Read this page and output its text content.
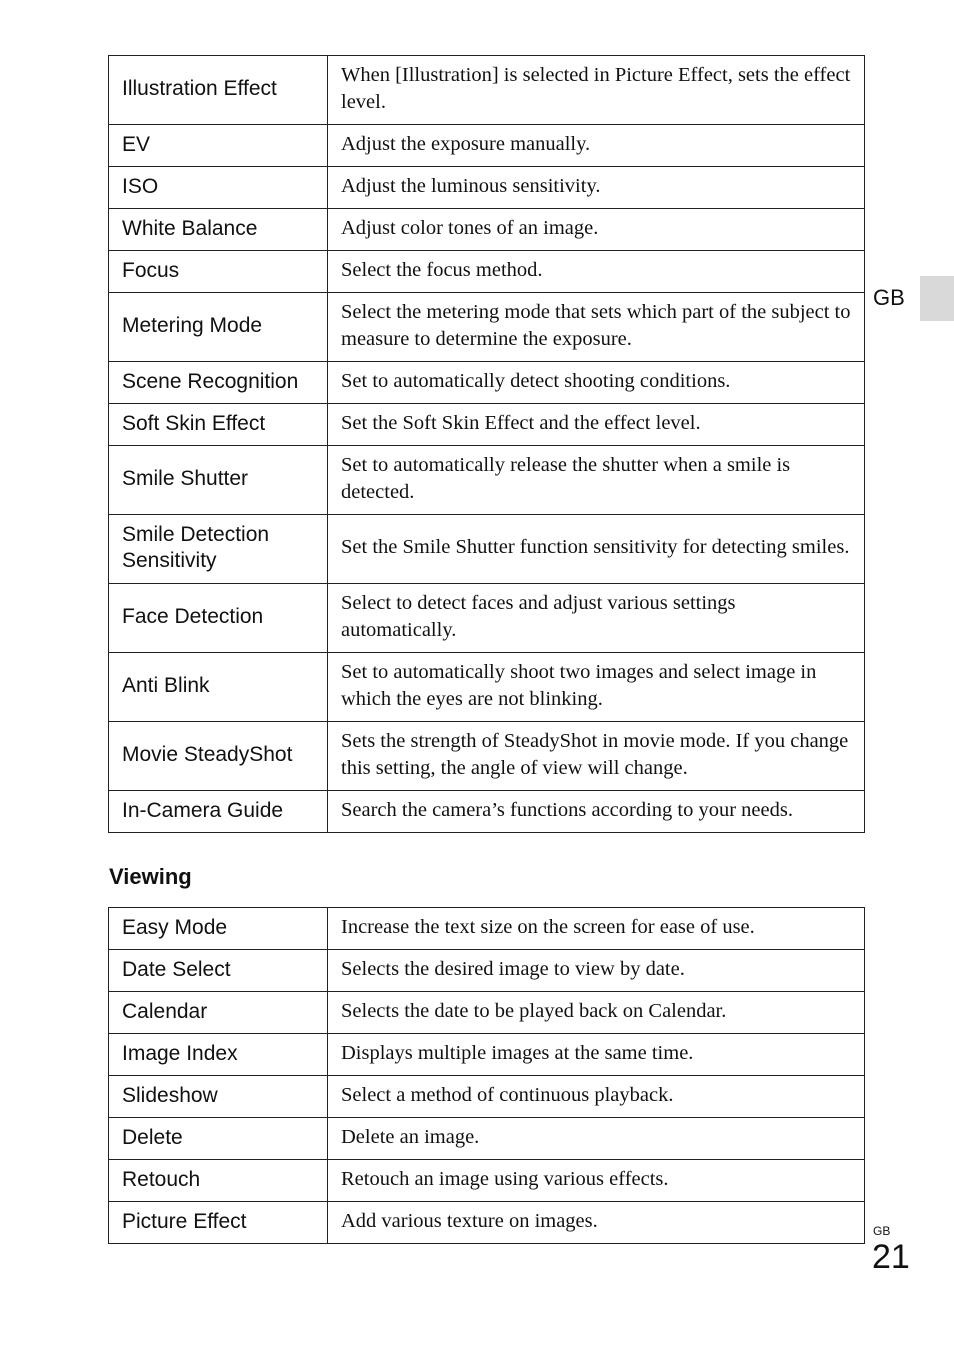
GB
Illustration Effect	When [Illustration] is selected in Picture Effect, sets the effect level.

EV	Adjust the exposure manually.

ISO	Adjust the luminous sensitivity.

White Balance	Adjust color tones of an image.

Focus	Select the focus method.

Metering Mode	Select the metering mode that sets which part of the subject to measure to determine the exposure.

Scene Recognition	Set to automatically detect shooting conditions.

Soft Skin Effect	Set the Soft Skin Effect and the effect level.

Smile Shutter	Set to automatically release the shutter when a smile is detected.

Smile Detection Sensitivity	Set the Smile Shutter function sensitivity for detecting smiles.

Face Detection	Select to detect faces and adjust various settings automatically.

Anti Blink	Set to automatically shoot two images and select image in which the eyes are not blinking.

Movie SteadyShot	Sets the strength of SteadyShot in movie mode. If you change this setting, the angle of view will change.

In-Camera Guide	Search the camera’s functions according to your needs.
Viewing
Easy Mode	Increase the text size on the screen for ease of use.

Date Select	Selects the desired image to view by date.

Calendar	Selects the date to be played back on Calendar.

Image Index	Displays multiple images at the same time.

Slideshow	Select a method of continuous playback.

Delete	Delete an image.

Retouch	Retouch an image using various effects.

Picture Effect	Add various texture on images.	GB
21
